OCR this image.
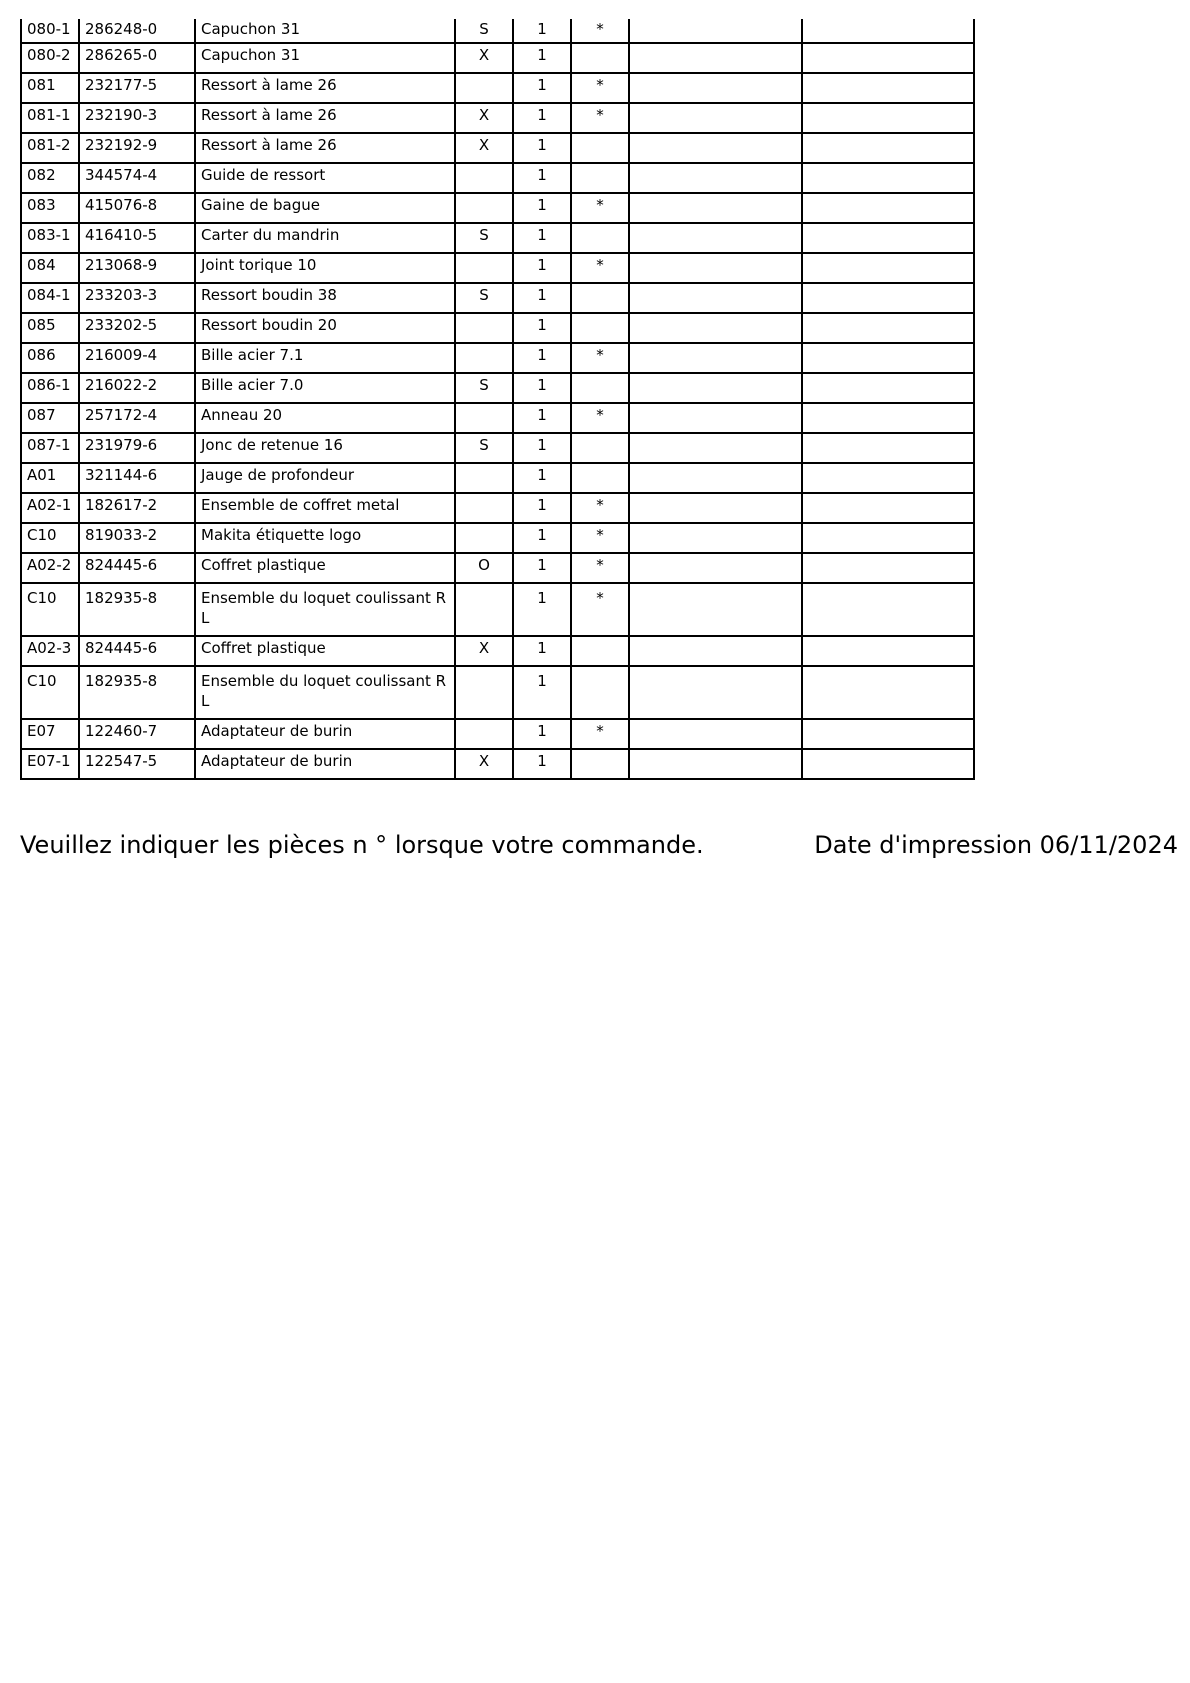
080-1	286248-0	Capuchon 31	S	1	*		
080-2	286265-0	Capuchon 31	X	1			
081	232177-5	Ressort à lame 26		1	*		
081-1	232190-3	Ressort à lame 26	X	1	*		
081-2	232192-9	Ressort à lame 26	X	1			
082	344574-4	Guide de ressort		1			
083	415076-8	Gaine de bague		1	*		
083-1	416410-5	Carter du mandrin	S	1			
084	213068-9	Joint torique 10		1	*		
084-1	233203-3	Ressort boudin 38	S	1			
085	233202-5	Ressort boudin 20		1			
086	216009-4	Bille acier 7.1		1	*		
086-1	216022-2	Bille acier 7.0	S	1			
087	257172-4	Anneau 20		1	*		
087-1	231979-6	Jonc de retenue 16	S	1			
A01	321144-6	Jauge de profondeur		1			
A02-1	182617-2	Ensemble de coffret metal		1	*		
C10	819033-2	Makita étiquette logo		1	*		
A02-2	824445-6	Coffret plastique	O	1	*		
C10	182935-8	Ensemble du loquet coulissant R L		1	*		
A02-3	824445-6	Coffret plastique	X	1			
C10	182935-8	Ensemble du loquet coulissant R L		1			
E07	122460-7	Adaptateur de burin		1	*		
E07-1	122547-5	Adaptateur de burin	X	1			
Veuillez indiquer les pièces n ° lorsque votre commande.	Date d'impression 06/11/2024
